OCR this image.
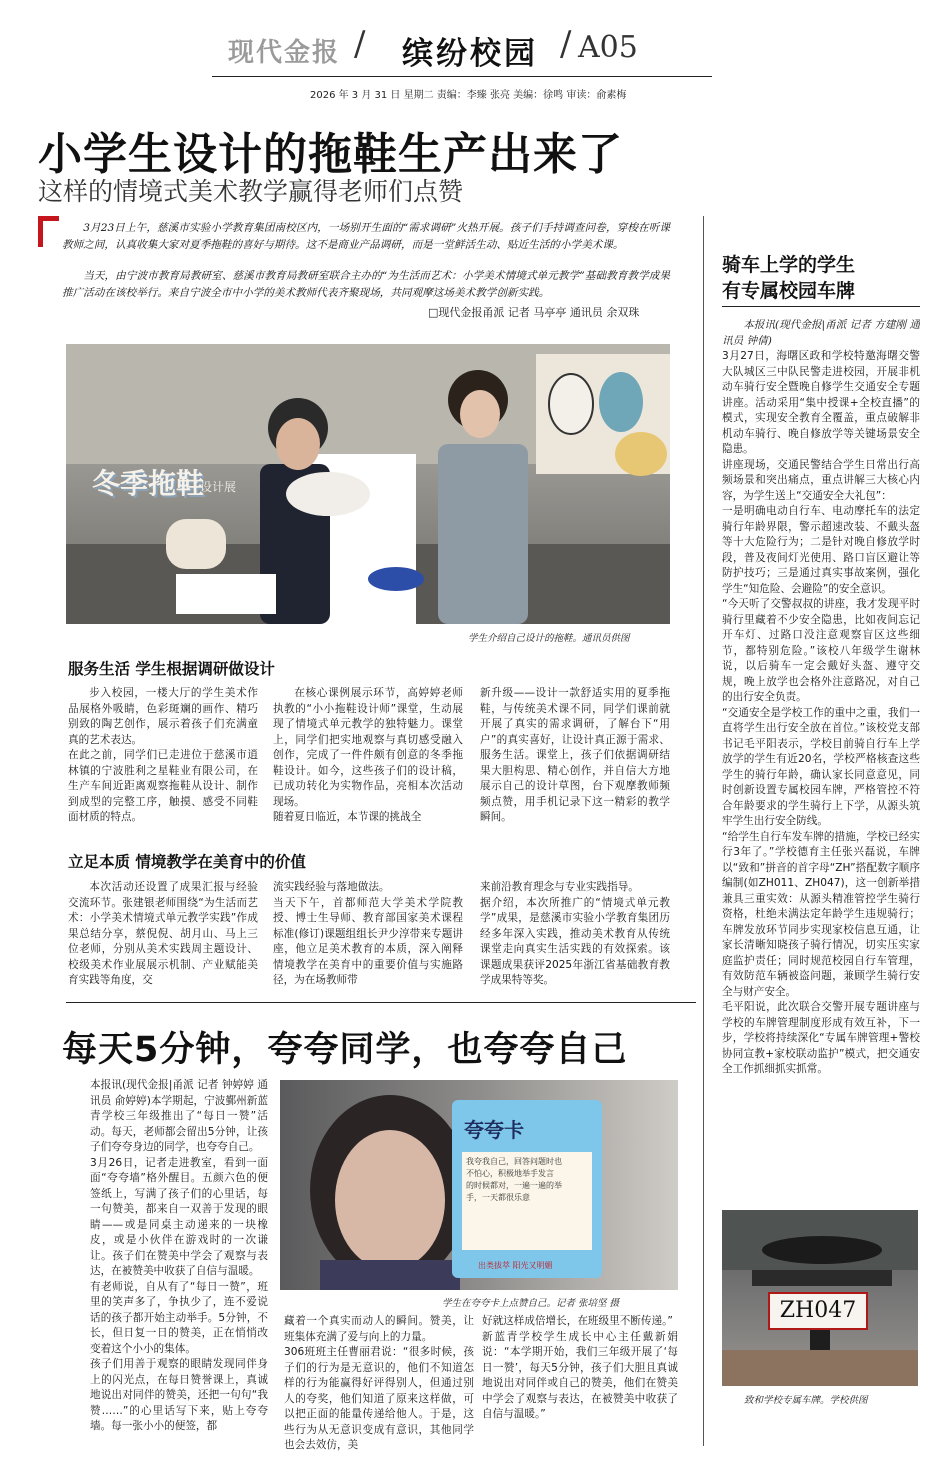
现代金报 / 缤纷校园 / A05
2026 年 3 月 31 日 星期二 责编：李臻 张亮 美编：徐鸣 审读：俞素梅
小学生设计的拖鞋生产出来了
这样的情境式美术教学赢得老师们点赞
3月23日上午，慈溪市实验小学教育集团南校区内，一场别开生面的“需求调研”火热开展。孩子们手持调查问卷，穿梭在听课教师之间，认真收集大家对夏季拖鞋的喜好与期待。这不是商业产品调研，而是一堂鲜活生动、贴近生活的小学美术课。
当天，由宁波市教育局教研室、慈溪市教育局教研室联合主办的“为生活而艺术：小学美术情境式单元教学”基础教育教学成果推广活动在该校举行。来自宁波全市中小学的美术教师代表齐聚现场，共同观摩这场美术教学创新实践。
□现代金报甬派 记者 马亭亭 通讯员 余双珠
冬季拖鞋
设计展
学生介绍自己设计的拖鞋。通讯员供图
服务生活 学生根据调研做设计
步入校园，一楼大厅的学生美术作品展格外吸睛，色彩斑斓的画作、精巧别致的陶艺创作，展示着孩子们充满童真的艺术表达。
在此之前，同学们已走进位于慈溪市逍林镇的宁波胜利之星鞋业有限公司，在生产车间近距离观察拖鞋从设计、制作到成型的完整工序，触摸、感受不同鞋面材质的特点。
在核心课例展示环节，高婷婷老师执教的“小小拖鞋设计师”课堂，生动展现了情境式单元教学的独特魅力。课堂上，同学们把实地观察与真切感受融入创作，完成了一件件颇有创意的冬季拖鞋设计。如今，这些孩子们的设计稿，已成功转化为实物作品，亮相本次活动现场。
随着夏日临近，本节课的挑战全
新升级——设计一款舒适实用的夏季拖鞋，与传统美术课不同，同学们课前就开展了真实的需求调研，了解台下“用户”的真实喜好，让设计真正源于需求、服务生活。课堂上，孩子们依据调研结果大胆构思、精心创作，并自信大方地展示自己的设计草图，台下观摩教师频频点赞，用手机记录下这一精彩的教学瞬间。
立足本质 情境教学在美育中的价值
本次活动还设置了成果汇报与经验交流环节。张建银老师围绕“为生活而艺术：小学美术情境式单元教学实践”作成果总结分享，蔡倪倪、胡月山、马上三位老师，分别从美术实践周主题设计、校级美术作业展展示机制、产业赋能美育实践等角度，交
流实践经验与落地做法。
当天下午，首都师范大学美术学院教授、博士生导师、教育部国家美术课程标准(修订)课题组组长尹少淳带来专题讲座，他立足美术教育的本质，深入阐释情境教学在美育中的重要价值与实施路径，为在场教师带
来前沿教育理念与专业实践指导。
据介绍，本次所推广的“情境式单元教学”成果，是慈溪市实验小学教育集团历经多年深入实践，推动美术教育从传统课堂走向真实生活实践的有效探索。该课题成果获评2025年浙江省基础教育教学成果特等奖。
骑车上学的学生
有专属校园车牌

本报讯(现代金报|甬派 记者 方建刚 通讯员 钟倩)

3月27日，海曙区政和学校特邀海曙交警大队城区三中队民警走进校园，开展非机动车骑行安全暨晚自修学生交通安全专题讲座。活动采用“集中授课+全校直播”的模式，实现安全教育全覆盖，重点破解非机动车骑行、晚自修放学等关键场景安全隐患。
讲座现场，交通民警结合学生日常出行高频场景和突出痛点，重点讲解三大核心内容，为学生送上“交通安全大礼包”：
一是明确电动自行车、电动摩托车的法定骑行年龄界限，警示超速改装、不戴头盔等十大危险行为；二是针对晚自修放学时段，普及夜间灯光使用、路口盲区避让等防护技巧；三是通过真实事故案例，强化学生“知危险、会避险”的安全意识。
“今天听了交警叔叔的讲座，我才发现平时骑行里藏着不少安全隐患，比如夜间忘记开车灯、过路口没注意观察盲区这些细节，都特别危险。”该校八年级学生谢林说，以后骑车一定会戴好头盔、遵守交规，晚上放学也会格外注意路况，对自己的出行安全负责。
“交通安全是学校工作的重中之重，我们一直将学生出行安全放在首位。”该校党支部书记毛平阳表示，学校目前骑自行车上学放学的学生有近20名，学校严格核查这些学生的骑行年龄，确认家长同意意见，同时创新设置专属校园车牌，严格管控不符合年龄要求的学生骑行上下学，从源头筑牢学生出行安全防线。
“给学生自行车发车牌的措施，学校已经实行3年了。”学校德育主任张兴磊说，车牌以“致和”拼音的首字母“ZH”搭配数字顺序编制(如ZH011、ZH047)，这一创新举措兼具三重实效：从源头精准管控学生骑行资格，杜绝未满法定年龄学生违规骑行；车牌发放环节同步实现家校信息互通，让家长清晰知晓孩子骑行情况，切实压实家庭监护责任；同时规范校园自行车管理，有效防范车辆被盗问题，兼顾学生骑行安全与财产安全。
毛平阳说，此次联合交警开展专题讲座与学校的车牌管理制度形成有效互补，下一步，学校将持续深化“专属车牌管理+警校协同宣教+家校联动监护”模式，把交通安全工作抓细抓实抓常。

ZH047
致和学校专属车牌。学校供图
每天5分钟，夸夸同学，也夸夸自己
本报讯(现代金报|甬派 记者 钟婷婷 通讯员 俞婷婷)本学期起，宁波鄞州新蓝青学校三年级推出了“每日一赞”活动。每天，老师都会留出5分钟，让孩子们夸夸身边的同学，也夸夸自己。
3月26日，记者走进教室，看到一面面“夸夸墙”格外醒目。五颜六色的便签纸上，写满了孩子们的心里话，每一句赞美，都来自一双善于发现的眼睛——或是同桌主动递来的一块橡皮，或是小伙伴在游戏时的一次谦让。孩子们在赞美中学会了观察与表达，在被赞美中收获了自信与温暖。
有老师说，自从有了“每日一赞”，班里的笑声多了，争执少了，连不爱说话的孩子都开始主动举手。5分钟，不长，但日复一日的赞美，正在悄悄改变着这个小小的集体。
孩子们用善于观察的眼睛发现同伴身上的闪光点，在每日赞誉课上，真诚地说出对同伴的赞美，还把一句句“我赞……”的心里话写下来，贴上夸夸墙。每一张小小的便签，都
夸夸卡
我夸我自己，回答问题时也
不怕心，积极地举手发言
的时候都对，一遍一遍的举
手，一天都很乐意
出类拔萃 阳光又明媚
学生在夸夸卡上点赞自己。记者 张培坚 摄
藏着一个真实而动人的瞬间。赞美，让班集体充满了爱与向上的力量。
306班班主任曹丽君说：“很多时候，孩子们的行为是无意识的，他们不知道怎样的行为能赢得好评得别人，但通过别人的夸奖，他们知道了原来这样做，可以把正面的能量传递给他人。于是，这些行为从无意识变成有意识，其他同学也会去效仿，美
好就这样成倍增长，在班级里不断传递。”
新蓝青学校学生成长中心主任戴新娟说：“本学期开始，我们三年级开展了‘每日一赞’，每天5分钟，孩子们大胆且真诚地说出对同伴或自己的赞美，他们在赞美中学会了观察与表达，在被赞美中收获了自信与温暖。”
